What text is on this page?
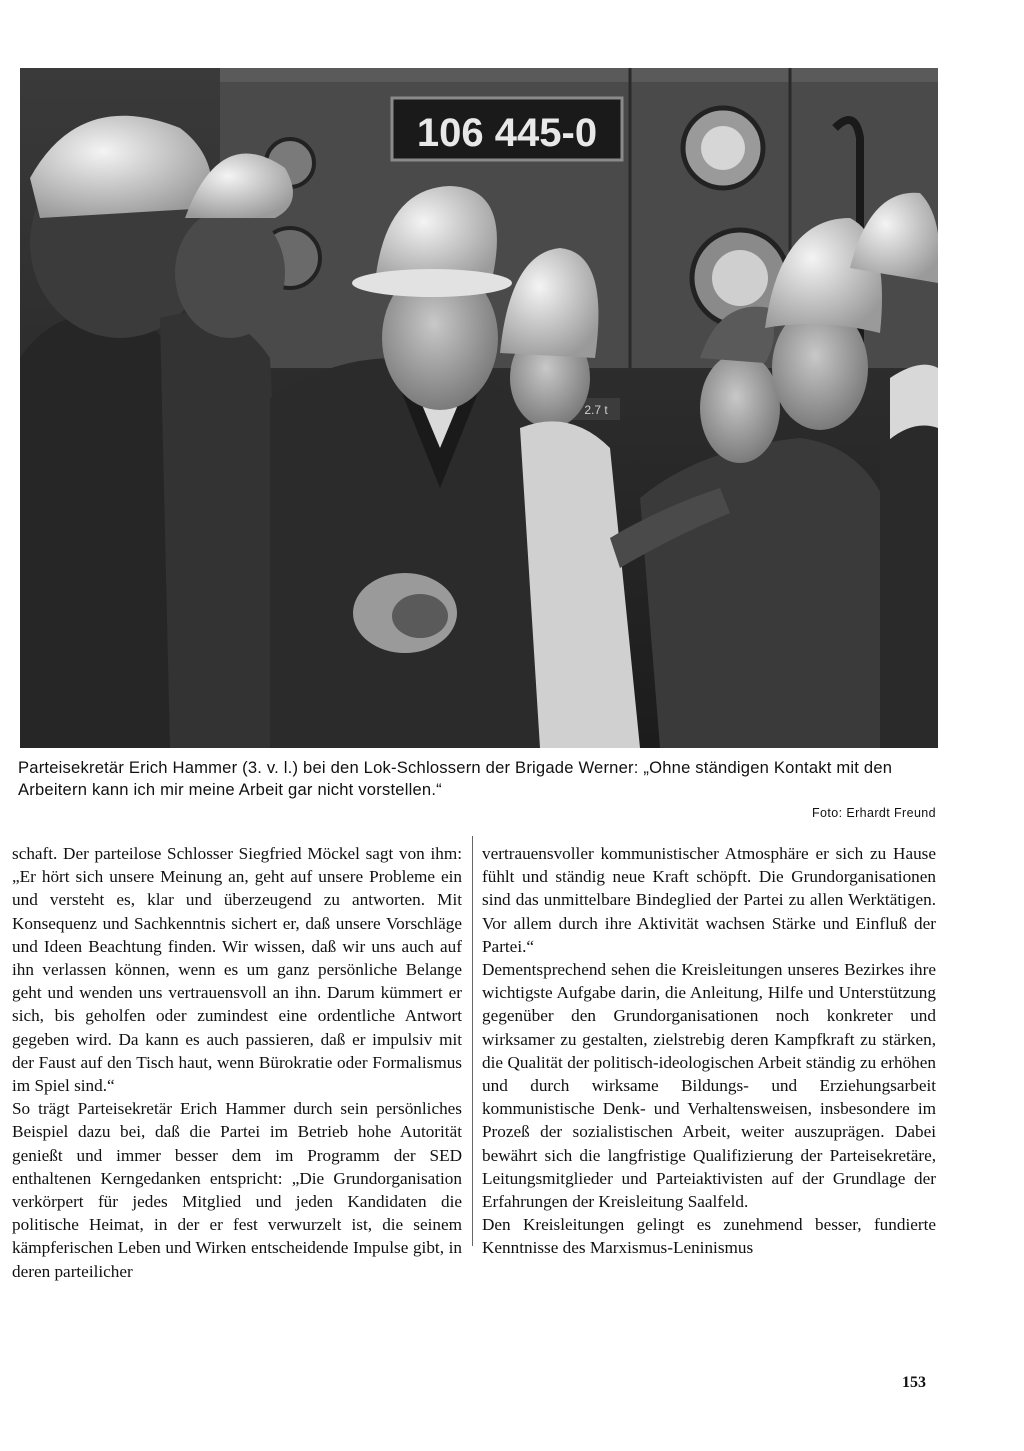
106 445-0
2.7 t
Parteisekretär Erich Hammer (3. v. l.) bei den Lok-Schlossern der Brigade Werner: „Ohne ständigen Kontakt mit den Arbeitern kann ich mir meine Arbeit gar nicht vorstellen.“
Foto: Erhardt Freund

schaft. Der parteilose Schlosser Siegfried Möckel sagt von ihm: „Er hört sich unsere Meinung an, geht auf unsere Probleme ein und versteht es, klar und überzeugend zu antworten. Mit Konsequenz und Sachkenntnis sichert er, daß unsere Vorschläge und Ideen Beachtung finden. Wir wissen, daß wir uns auch auf ihn verlassen können, wenn es um ganz persönliche Belange geht und wenden uns vertrauensvoll an ihn. Darum kümmert er sich, bis geholfen oder zumindest eine ordentliche Antwort gegeben wird. Da kann es auch passieren, daß er impulsiv mit der Faust auf den Tisch haut, wenn Bürokratie oder Formalismus im Spiel sind.“

So trägt Parteisekretär Erich Hammer durch sein persönliches Beispiel dazu bei, daß die Partei im Betrieb hohe Autorität genießt und immer besser dem im Programm der SED enthaltenen Kerngedanken entspricht: „Die Grundorganisation verkörpert für jedes Mitglied und jeden Kandidaten die politische Heimat, in der er fest verwurzelt ist, die seinem kämpferischen Leben und Wirken entscheidende Impulse gibt, in deren parteilicher

vertrauensvoller kommunistischer Atmosphäre er sich zu Hause fühlt und ständig neue Kraft schöpft. Die Grundorganisationen sind das unmittelbare Bindeglied der Partei zu allen Werktätigen. Vor allem durch ihre Aktivität wachsen Stärke und Einfluß der Partei.“

Dementsprechend sehen die Kreisleitungen unseres Bezirkes ihre wichtigste Aufgabe darin, die Anleitung, Hilfe und Unterstützung gegenüber den Grundorganisationen noch konkreter und wirksamer zu gestalten, zielstrebig deren Kampfkraft zu stärken, die Qualität der politisch-ideologischen Arbeit ständig zu erhöhen und durch wirksame Bildungs- und Erziehungsarbeit kommunistische Denk- und Verhaltensweisen, insbesondere im Prozeß der sozialistischen Arbeit, weiter auszuprägen. Dabei bewährt sich die langfristige Qualifizierung der Parteisekretäre, Leitungsmitglieder und Parteiaktivisten auf der Grundlage der Erfahrungen der Kreisleitung Saalfeld.

Den Kreisleitungen gelingt es zunehmend besser, fundierte Kenntnisse des Marxismus-Leninismus

153
